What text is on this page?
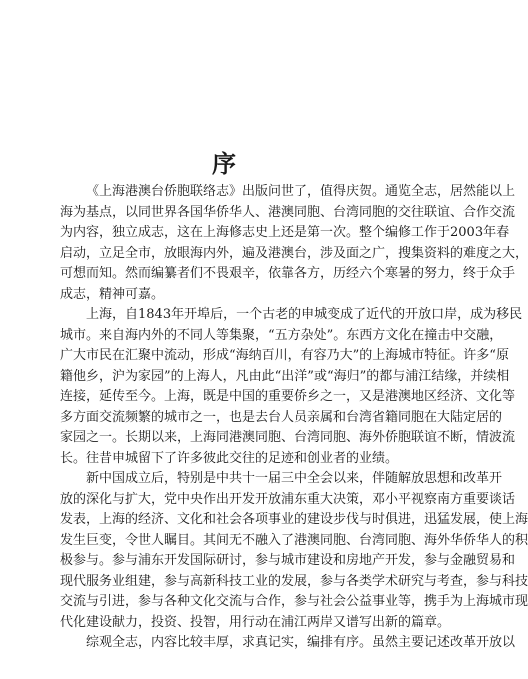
序
《上海港澳台侨胞联络志》出版问世了，值得庆贺。通览全志，居然能以上
海为基点，以同世界各国华侨华人、港澳同胞、台湾同胞的交往联谊、合作交流
为内容，独立成志，这在上海修志史上还是第一次。整个编修工作于2003年春
启动，立足全市，放眼海内外，遍及港澳台，涉及面之广，搜集资料的难度之大，
可想而知。然而编纂者们不畏艰辛，依靠各方，历经六个寒暑的努力，终于众手
成志，精神可嘉。
上海，自1843年开埠后，一个古老的申城变成了近代的开放口岸，成为移民
城市。来自海内外的不同人等集聚，“五方杂处”。东西方文化在撞击中交融，
广大市民在汇聚中流动，形成“海纳百川，有容乃大”的上海城市特征。许多“原
籍他乡，沪为家园”的上海人，凡由此“出洋”或“海归”的都与浦江结缘，并续相
连接，延传至今。上海，既是中国的重要侨乡之一，又是港澳地区经济、文化等
多方面交流频繁的城市之一，也是去台人员亲属和台湾省籍同胞在大陆定居的
家园之一。长期以来，上海同港澳同胞、台湾同胞、海外侨胞联谊不断，情波流
长。往昔申城留下了许多彼此交往的足迹和创业者的业绩。
新中国成立后，特别是中共十一届三中全会以来，伴随解放思想和改革开
放的深化与扩大，党中央作出开发开放浦东重大决策，邓小平视察南方重要谈话
发表，上海的经济、文化和社会各项事业的建设步伐与时俱进，迅猛发展，使上海
发生巨变，令世人瞩目。其间无不融入了港澳同胞、台湾同胞、海外华侨华人的积
极参与。参与浦东开发国际研讨，参与城市建设和房地产开发，参与金融贸易和
现代服务业组建，参与高新科技工业的发展，参与各类学术研究与考查，参与科技
交流与引进，参与各种文化交流与合作，参与社会公益事业等，携手为上海城市现
代化建设献力，投资、投智，用行动在浦江两岸又谱写出新的篇章。
综观全志，内容比较丰厚，求真记实，编排有序。虽然主要记述改革开放以
